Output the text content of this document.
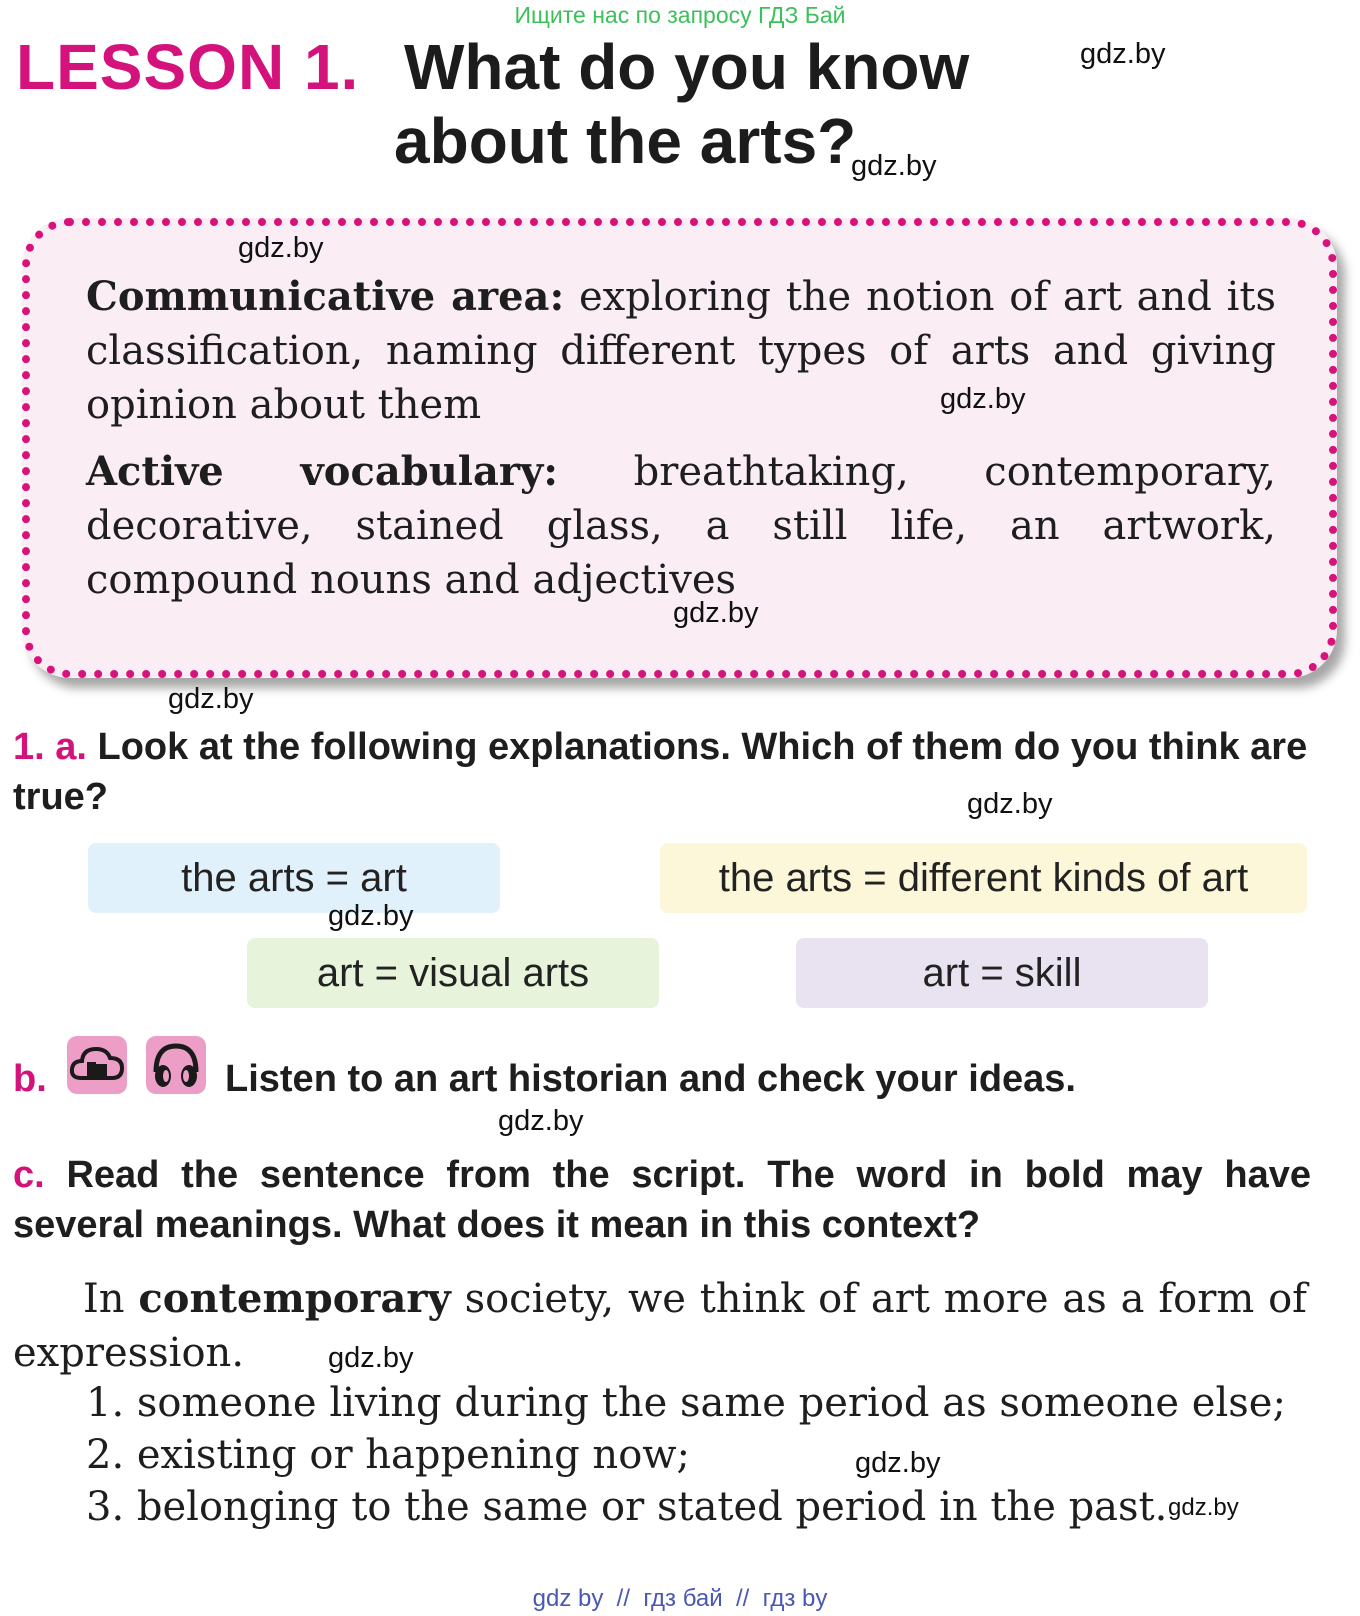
Ищите нас по запросу ГДЗ Бай
LESSON 1. What do you know
about the arts?
Communicative area: exploring the notion of art and its classification, naming different types of arts and giving opinion about them
Active vocabulary: breathtaking, contemporary, decorative, stained glass, a still life, an artwork, compound nouns and adjectives
1. a. Look at the following explanations. Which of them do you think are true?
the arts = art	the arts = different kinds of art
art = visual arts	art = skill
b.	Listen to an art historian and check your ideas.
c. Read the sentence from the script. The word in bold may have several meanings. What does it mean in this context?
In contemporary society, we think of art more as a form of expression.
1. someone living during the same period as someone else;
2. existing or happening now;
3. belonging to the same or stated period in the past.
gdz.by
gdz.by
gdz.by
gdz.by
gdz.by
gdz.by
gdz.by
gdz.by
gdz.by
gdz.by
gdz.by
gdz.by
gdz by  //  гдз бай  //  гдз by
